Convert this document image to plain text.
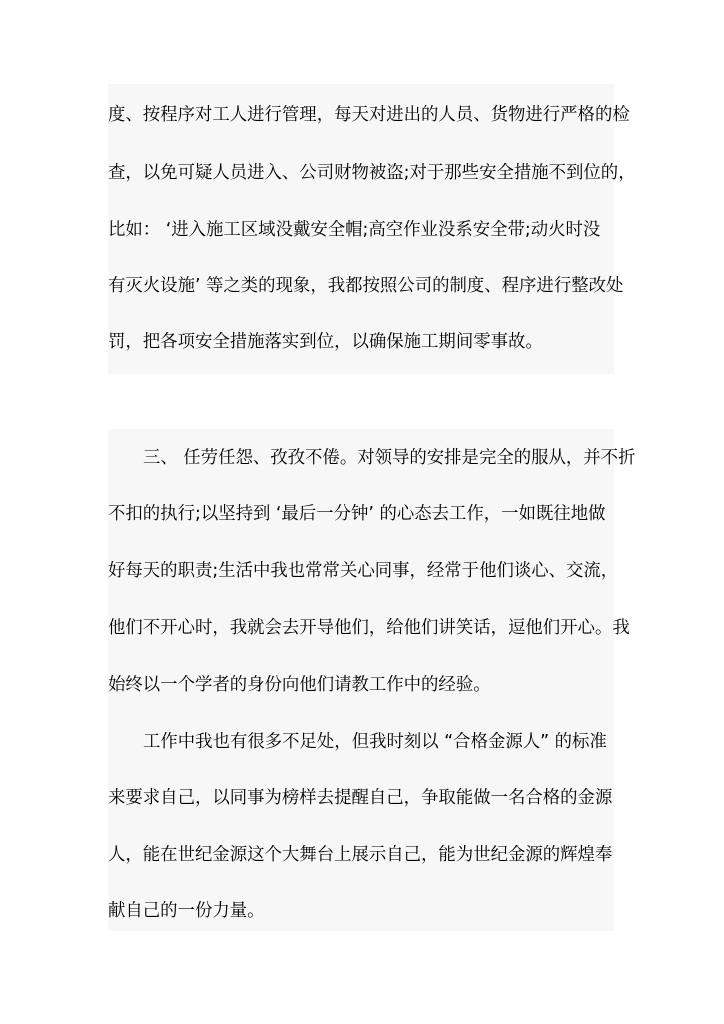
度、按程序对工人进行管理，每天对进出的人员、货物进行严格的检
查，以免可疑人员进入、公司财物被盗;对于那些安全措施不到位的，
比如： ‘进入施工区域没戴安全帽;高空作业没系安全带;动火时没
有灭火设施’ 等之类的现象，我都按照公司的制度、程序进行整改处
罚，把各项安全措施落实到位，以确保施工期间零事故。
三、 任劳任怨、孜孜不倦。对领导的安排是完全的服从，并不折
不扣的执行;以坚持到 ‘最后一分钟’ 的心态去工作，一如既往地做
好每天的职责;生活中我也常常关心同事，经常于他们谈心、交流，
他们不开心时，我就会去开导他们，给他们讲笑话，逗他们开心。我
始终以一个学者的身份向他们请教工作中的经验。
工作中我也有很多不足处，但我时刻以 “合格金源人” 的标准
来要求自己，以同事为榜样去提醒自己，争取能做一名合格的金源
人，能在世纪金源这个大舞台上展示自己，能为世纪金源的辉煌奉
献自己的一份力量。
